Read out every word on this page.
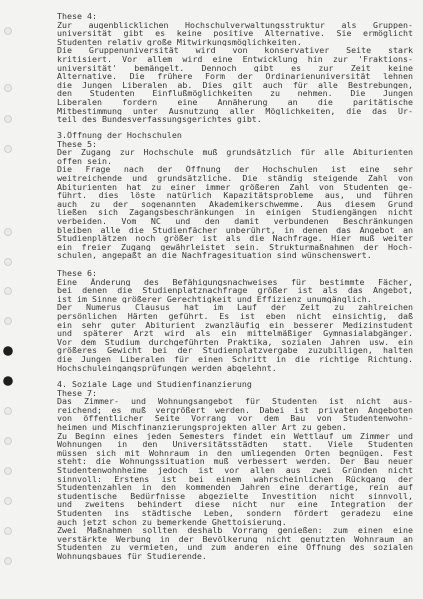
These 4:
Zur augenblicklichen Hochschulverwaltungsstruktur als Gruppen-
universität gibt es keine positive Alternative. Sie ermöglicht
Studenten relativ große Mitwirkungsmöglichkeiten.
Die Gruppenuniversität wird von konservativer Seite stark
kritisiert. Vor allem wird eine Entwicklung hin zur 'Fraktions-
universität' bemängelt. Dennoch gibt es zur Zeit keine
Alternative. Die frühere Form der Ordinarienuniversität lehnen
die Jungen Liberalen ab. Dies gilt auch für alle Bestrebungen,
den Studenten Einflußmöglichkeiten zu nehmen. Die Jungen
Liberalen fordern eine Annäherung an die paritätische
Mitbestimmung unter Ausnutzung aller Möglichkeiten, die das Ur-
teil des Bundesverfassungsgerichtes gibt.
3.Öffnung der Hochschulen
These 5:
Der Zugang zur Hochschule muß grundsätzlich für alle Abiturienten
offen sein.
Die Frage nach der Öffnung der Hochschulen ist eine sehr
weitreichende und grundsätzliche. Die ständig steigende Zahl von
Abiturienten hat zu einer immer größeren Zahl von Studenten ge-
führt. dies löste natürlich Kapazitätsprobleme aus, und führen
auch zu der sogenannten Akademikerschwemme. Aus diesem Grund
ließen sich Zagangsbeschränkungen in einigen Studiengängen nicht
verbeiden. Vom NC und den damit verbundenen Beschränkungen
bleiben alle die Studienfächer unberührt, in denen das Angebot an
Studienplätzen noch größer ist als die Nachfrage. Hier muß weiter
ein freier Zugang gewährleistet sein. Strukturmaßnahmen der Hoch-
schulen, angepaßt an die Nachfragesituation sind wünschenswert.
These 6:
Eine Änderung des Befähigungsnachweises für bestimmte Fächer,
bei denen die Studienplatznachfrage größer ist als das Angebot,
ist im Sinne größerer Gerechtigkeit und Effizienz unumgänglich.
Der Numerus Clausus hat im Lauf der Zeit zu zahlreichen
persönlichen Härten geführt. Es ist eben nicht einsichtig, daß
ein sehr guter Abiturient zwanzläufig ein besserer Medizinstudent
und späterer Arzt wird als ein mittelmäßiger Gymnasialabgänger.
Vor dem Studium durchgeführten Praktika, sozialen Jahren usw. ein
größeres Gewicht bei der Studienplatzvergabe zuzubilligen, halten
die Jungen Liberalen für einen Schritt in die richtige Richtung.
Hochschuleingangsprüfungen werden abgelehnt.
4. Soziale Lage und Studienfinanzierung
These 7:
Das Zimmer- und Wohnungsangebot für Studenten ist nicht aus-
reichend; es muß vergrößert werden. Dabei ist privaten Angeboten
von öffentlicher Seite Vorrang vor dem Bau von Studentenwohn-
heimen und Mischfinanzierungsprojekten aller Art zu geben.
Zu Beginn eines jeden Semesters findet ein Wettlauf um Zimmer und
Wohnungen in den Universitätsstädten statt. Viele Studenten
müssen sich mit Wohnraum in den umliegenden Orten begnügen. Fest
steht: die Wohnungssituation muß verbessert werden. Der Bau neuer
Studentenwohnheime jedoch ist vor allen aus zwei Gründen nicht
sinnvoll: Erstens ist bei einem wahrscheinlichen Rückgang der
Studentenzahlen in den kommenden Jahren eine derartige, rein auf
studentische Bedürfnisse abgezielte Investition nicht sinnvoll,
und zweitens behindert diese nicht nur eine Integration der
Studenten ins städtische Leben, sondern fördert geradezu eine
auch jetzt schon zu bemerkende Ghettoisierung.
Zwei Maßnahmen sollten deshalb Vorrang genießen: zum einen eine
verstärkte Werbung in der Bevölkerung nicht genutzten Wohnraum an
Studenten zu vermieten, und zum anderen eine Öffnung des sozialen
Wohnungsbaues für Studierende.
